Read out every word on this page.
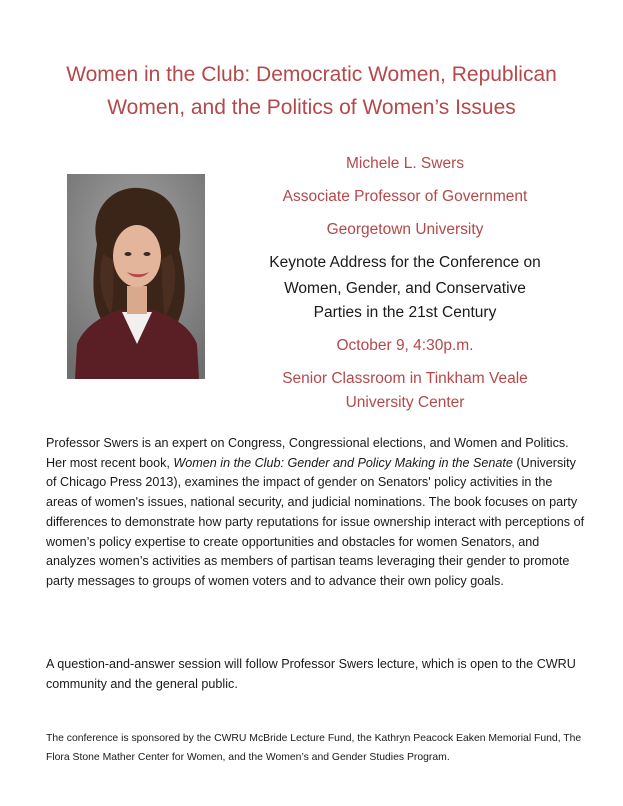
Women in the Club: Democratic Women, Republican
Women, and the Politics of Women’s Issues
Michele L. Swers
Associate Professor of Government
Georgetown University
Keynote Address for the Conference on
Women, Gender, and Conservative
Parties in the 21st Century
October 9, 4:30p.m.
Senior Classroom in Tinkham Veale
University Center

Professor Swers is an expert on Congress, Congressional elections, and Women and Politics. Her most recent book, Women in the Club: Gender and Policy Making in the Senate (University of Chicago Press 2013), examines the impact of gender on Senators' policy activities in the areas of women's issues, national security, and judicial nominations. The book focuses on party differences to demonstrate how party reputations for issue ownership interact with perceptions of women’s policy expertise to create opportunities and obstacles for women Senators, and analyzes women’s activities as members of partisan teams leveraging their gender to promote party messages to groups of women voters and to advance their own policy goals.

A question-and-answer session will follow Professor Swers lecture, which is open to the CWRU community and the general public.

The conference is sponsored by the CWRU McBride Lecture Fund, the Kathryn Peacock Eaken Memorial Fund, The Flora Stone Mather Center for Women, and the Women’s and Gender Studies Program.
